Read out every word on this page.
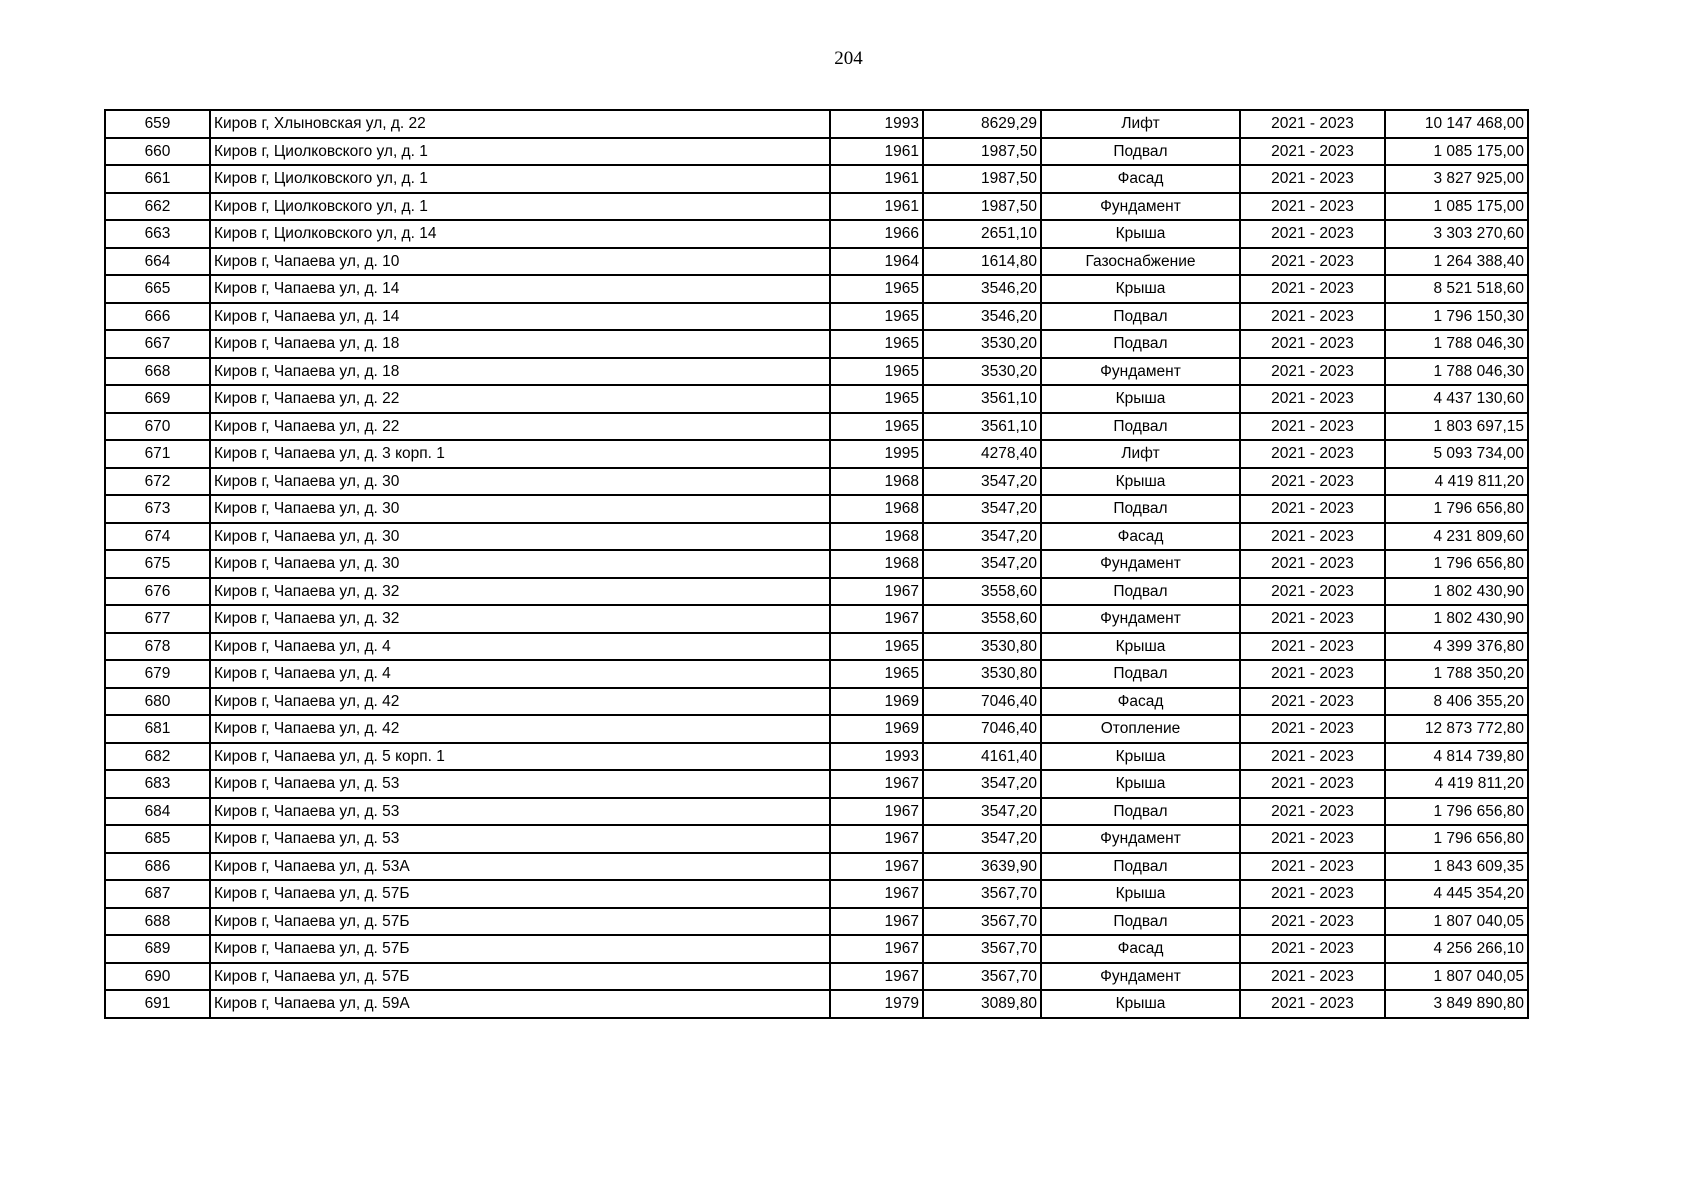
204
659	Киров г, Хлыновская ул, д. 22	1993	8629,29	Лифт	2021 - 2023	10 147 468,00
660	Киров г, Циолковского ул, д. 1	1961	1987,50	Подвал	2021 - 2023	1 085 175,00
661	Киров г, Циолковского ул, д. 1	1961	1987,50	Фасад	2021 - 2023	3 827 925,00
662	Киров г, Циолковского ул, д. 1	1961	1987,50	Фундамент	2021 - 2023	1 085 175,00
663	Киров г, Циолковского ул, д. 14	1966	2651,10	Крыша	2021 - 2023	3 303 270,60
664	Киров г, Чапаева ул, д. 10	1964	1614,80	Газоснабжение	2021 - 2023	1 264 388,40
665	Киров г, Чапаева ул, д. 14	1965	3546,20	Крыша	2021 - 2023	8 521 518,60
666	Киров г, Чапаева ул, д. 14	1965	3546,20	Подвал	2021 - 2023	1 796 150,30
667	Киров г, Чапаева ул, д. 18	1965	3530,20	Подвал	2021 - 2023	1 788 046,30
668	Киров г, Чапаева ул, д. 18	1965	3530,20	Фундамент	2021 - 2023	1 788 046,30
669	Киров г, Чапаева ул, д. 22	1965	3561,10	Крыша	2021 - 2023	4 437 130,60
670	Киров г, Чапаева ул, д. 22	1965	3561,10	Подвал	2021 - 2023	1 803 697,15
671	Киров г, Чапаева ул, д. 3 корп. 1	1995	4278,40	Лифт	2021 - 2023	5 093 734,00
672	Киров г, Чапаева ул, д. 30	1968	3547,20	Крыша	2021 - 2023	4 419 811,20
673	Киров г, Чапаева ул, д. 30	1968	3547,20	Подвал	2021 - 2023	1 796 656,80
674	Киров г, Чапаева ул, д. 30	1968	3547,20	Фасад	2021 - 2023	4 231 809,60
675	Киров г, Чапаева ул, д. 30	1968	3547,20	Фундамент	2021 - 2023	1 796 656,80
676	Киров г, Чапаева ул, д. 32	1967	3558,60	Подвал	2021 - 2023	1 802 430,90
677	Киров г, Чапаева ул, д. 32	1967	3558,60	Фундамент	2021 - 2023	1 802 430,90
678	Киров г, Чапаева ул, д. 4	1965	3530,80	Крыша	2021 - 2023	4 399 376,80
679	Киров г, Чапаева ул, д. 4	1965	3530,80	Подвал	2021 - 2023	1 788 350,20
680	Киров г, Чапаева ул, д. 42	1969	7046,40	Фасад	2021 - 2023	8 406 355,20
681	Киров г, Чапаева ул, д. 42	1969	7046,40	Отопление	2021 - 2023	12 873 772,80
682	Киров г, Чапаева ул, д. 5 корп. 1	1993	4161,40	Крыша	2021 - 2023	4 814 739,80
683	Киров г, Чапаева ул, д. 53	1967	3547,20	Крыша	2021 - 2023	4 419 811,20
684	Киров г, Чапаева ул, д. 53	1967	3547,20	Подвал	2021 - 2023	1 796 656,80
685	Киров г, Чапаева ул, д. 53	1967	3547,20	Фундамент	2021 - 2023	1 796 656,80
686	Киров г, Чапаева ул, д. 53А	1967	3639,90	Подвал	2021 - 2023	1 843 609,35
687	Киров г, Чапаева ул, д. 57Б	1967	3567,70	Крыша	2021 - 2023	4 445 354,20
688	Киров г, Чапаева ул, д. 57Б	1967	3567,70	Подвал	2021 - 2023	1 807 040,05
689	Киров г, Чапаева ул, д. 57Б	1967	3567,70	Фасад	2021 - 2023	4 256 266,10
690	Киров г, Чапаева ул, д. 57Б	1967	3567,70	Фундамент	2021 - 2023	1 807 040,05
691	Киров г, Чапаева ул, д. 59А	1979	3089,80	Крыша	2021 - 2023	3 849 890,80
